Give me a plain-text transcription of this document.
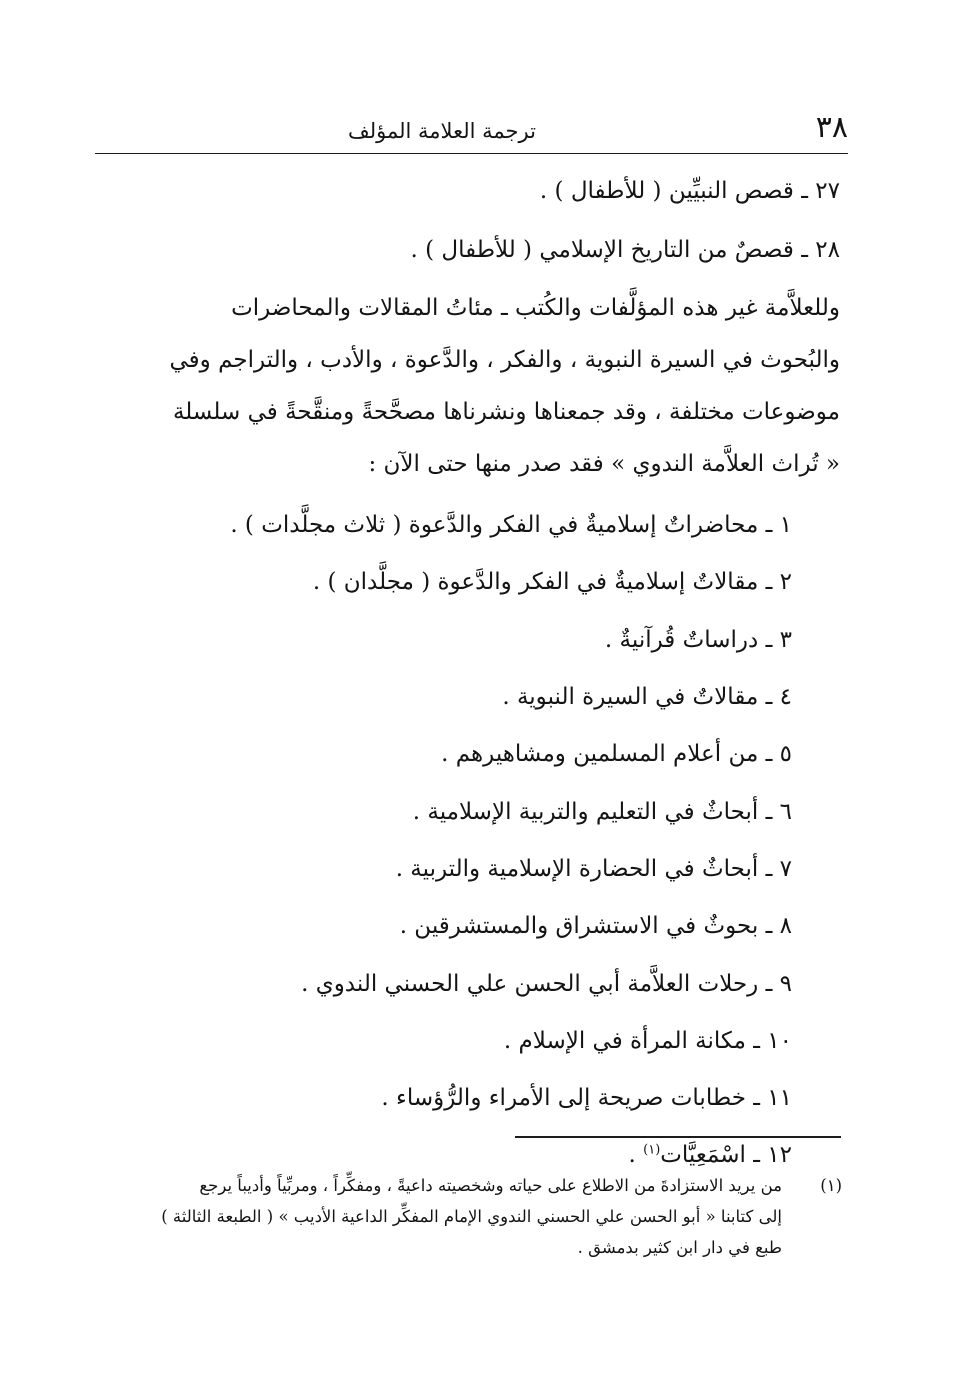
٣٨
ترجمة العلامة المؤلف
٢٧ ـ قصص النبيِّين ( للأطفال ) .
٢٨ ـ قصصٌ من التاريخ الإسلامي ( للأطفال ) .
وللعلاَّمة غير هذه المؤلَّفات والكُتب ـ مئاتُ المقالات والمحاضرات
والبُحوث في السيرة النبوية ، والفكر ، والدَّعوة ، والأدب ، والتراجم وفي
موضوعات مختلفة ، وقد جمعناها ونشرناها مصحَّحةً ومنقَّحةً في سلسلة
« تُراث العلاَّمة الندوي » فقد صدر منها حتى الآن :
١ ـ محاضراتٌ إسلاميةٌ في الفكر والدَّعوة ( ثلاث مجلَّدات ) .
٢ ـ مقالاتٌ إسلاميةٌ في الفكر والدَّعوة ( مجلَّدان ) .
٣ ـ دراساتٌ قُرآنيةٌ .
٤ ـ مقالاتٌ في السيرة النبوية .
٥ ـ من أعلام المسلمين ومشاهيرهم .
٦ ـ أبحاثٌ في التعليم والتربية الإسلامية .
٧ ـ أبحاثٌ في الحضارة الإسلامية والتربية .
٨ ـ بحوثٌ في الاستشراق والمستشرقين .
٩ ـ رحلات العلاَّمة أبي الحسن علي الحسني الندوي .
١٠ ـ مكانة المرأة في الإسلام .
١١ ـ خطابات صريحة إلى الأمراء والرُّؤساء .
١٢ ـ اسْمَعِيَّات$^{(١)}$ .
(١)
من يريد الاستزادةَ من الاطلاع على حياته وشخصيته داعيةً ، ومفكِّراً ، ومربِّياً وأديباً يرجع
إلى كتابنا « أبو الحسن علي الحسني الندوي الإمام المفكِّر الداعية الأديب » ( الطبعة الثالثة )
طبع في دار ابن كثير بدمشق .
